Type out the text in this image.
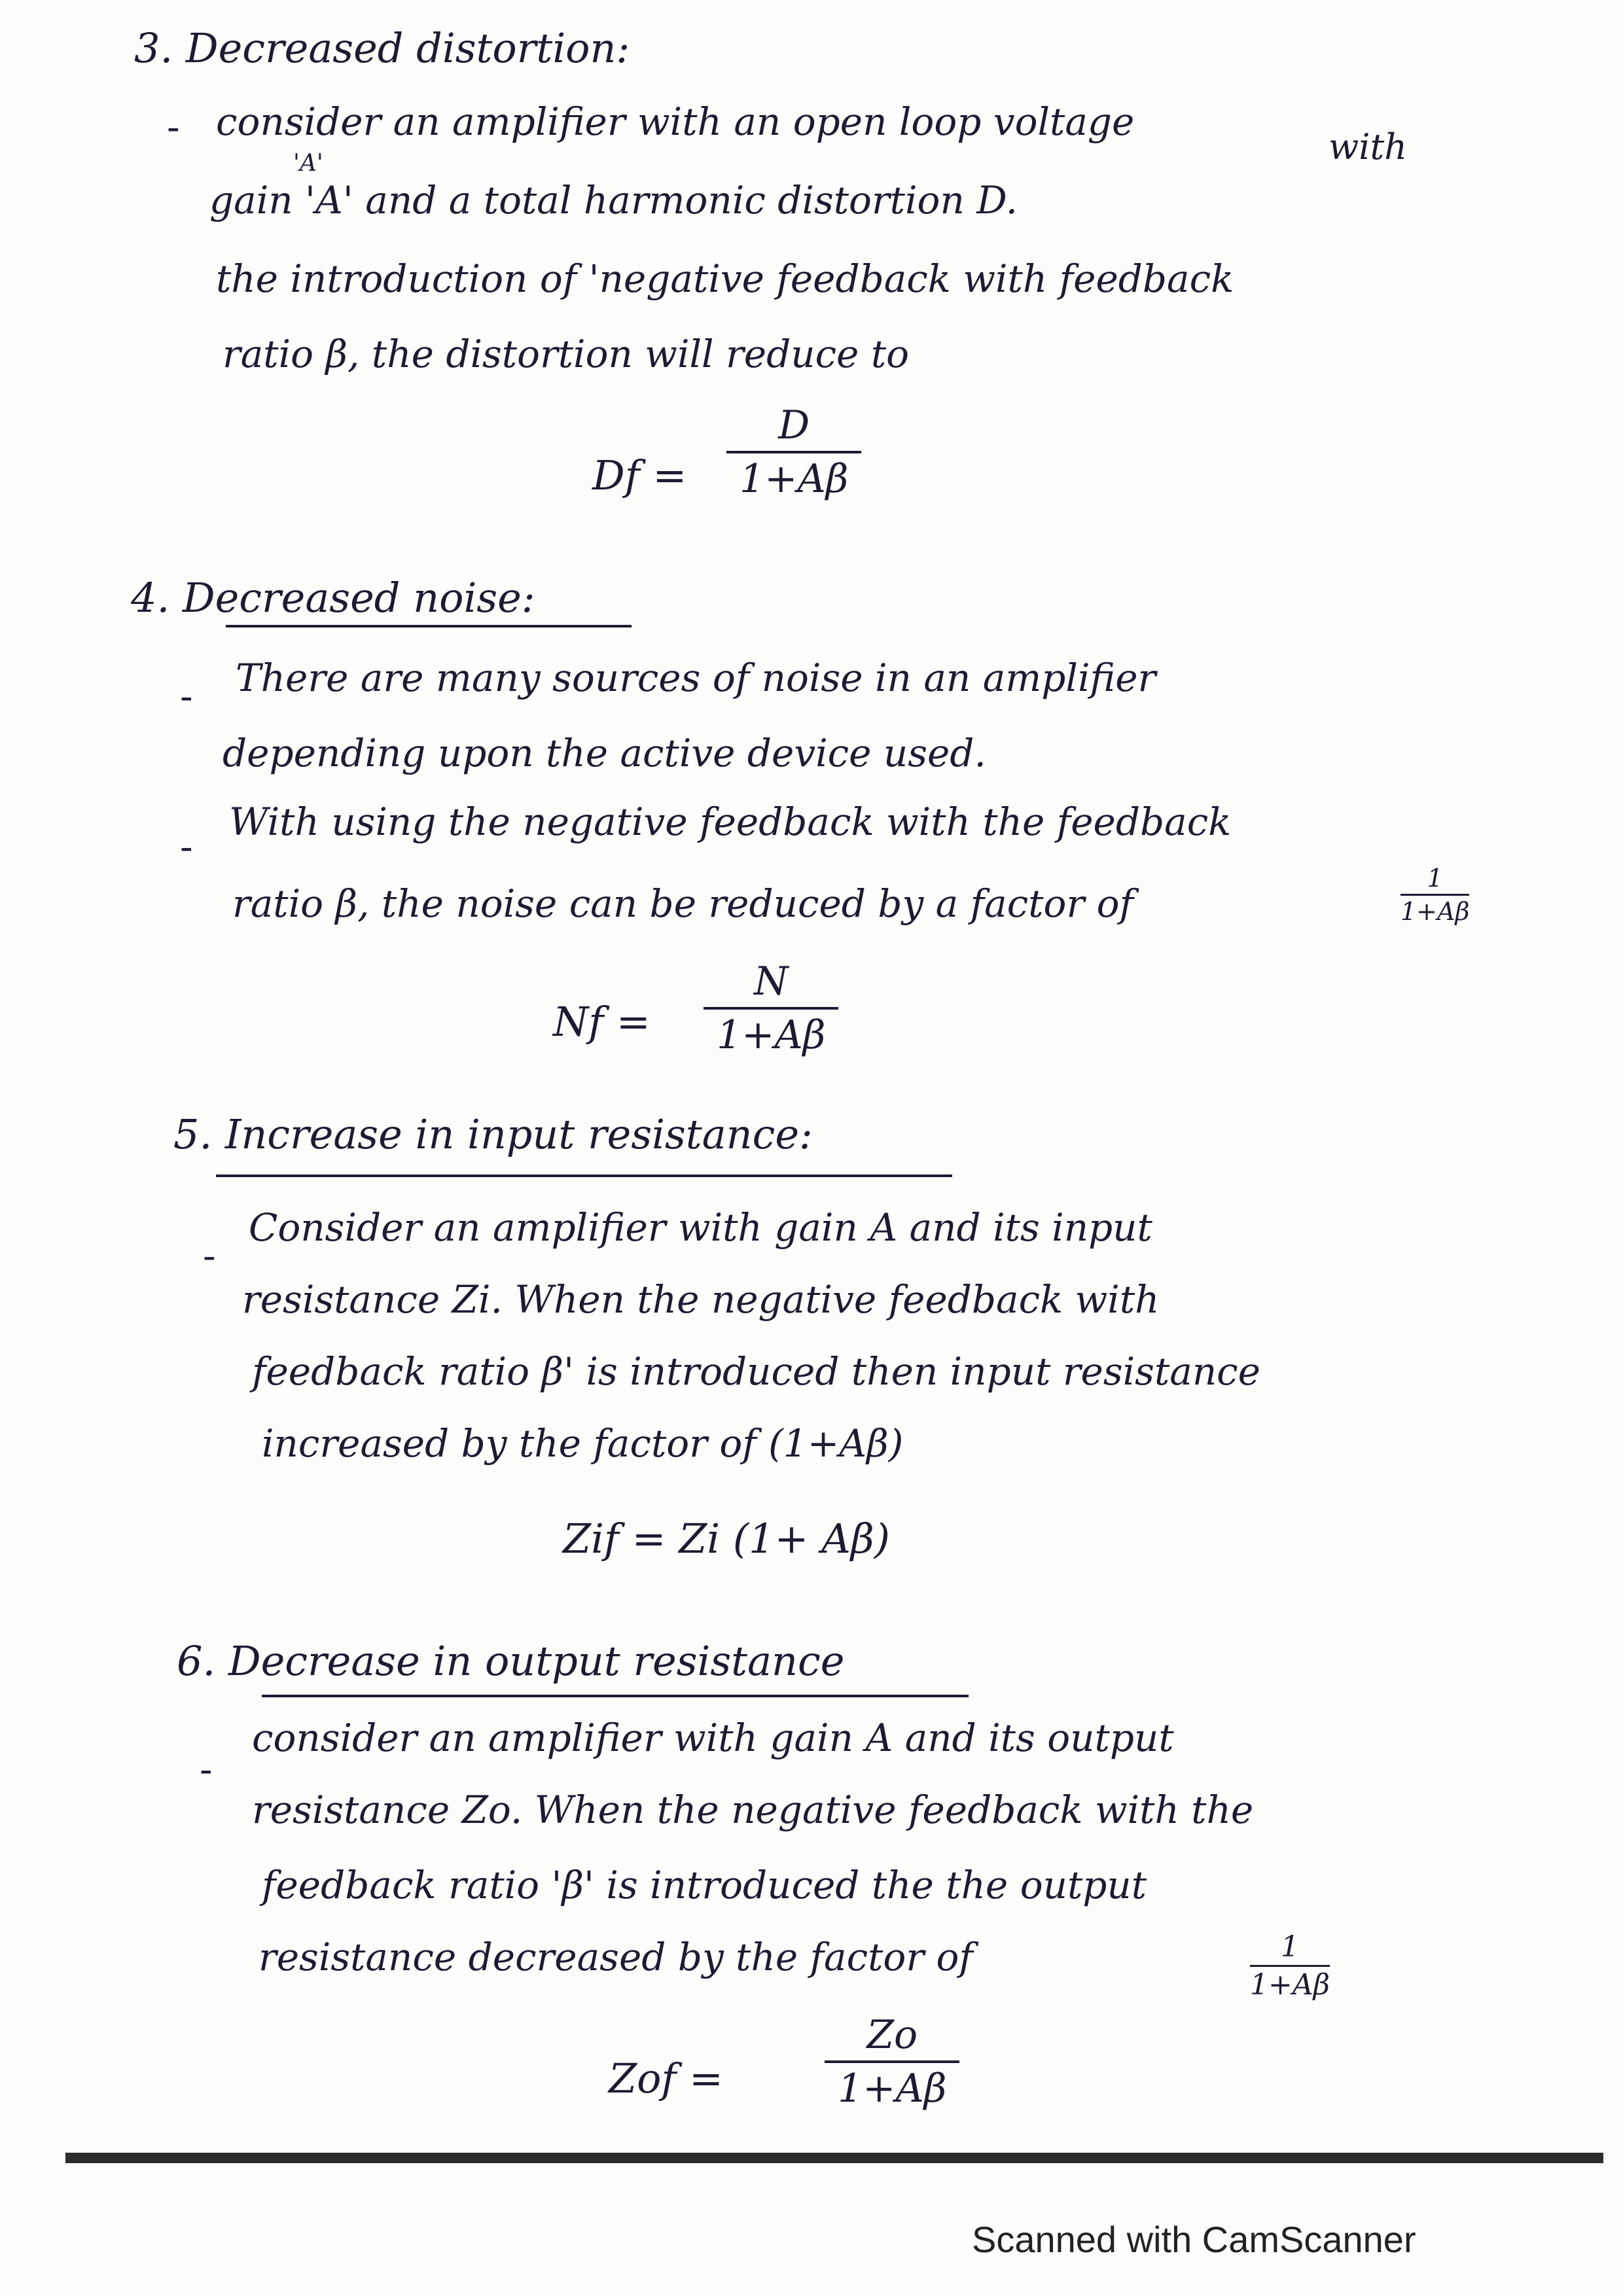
3. Decreased distortion:
- consider an amplifier with an open loop voltage
'A'	with
gain 'A' and a total harmonic distortion D.
the introduction of 'negative feedback with feedback
ratio β, the distortion will reduce to
Df =
D
1+Aβ
4. Decreased noise:
- There are many sources of noise in an amplifier
depending upon the active device used.
-
With using the negative feedback with the feedback
ratio β, the noise can be reduced by a factor of
1
1+Aβ
Nf =
N
1+Aβ
5. Increase in input resistance:
-
Consider an amplifier with gain A and its input
resistance Zi. When the negative feedback with
feedback ratio β' is introduced then input resistance
increased by the factor of (1+Aβ)
Zif = Zi (1+ Aβ)
6. Decrease in output resistance
-
consider an amplifier with gain A and its output
resistance Zo. When the negative feedback with the
feedback ratio 'β' is introduced the the output
resistance decreased by the factor of	1
1+Aβ
Zof =
Zo
1+Aβ
Scanned with CamScanner
